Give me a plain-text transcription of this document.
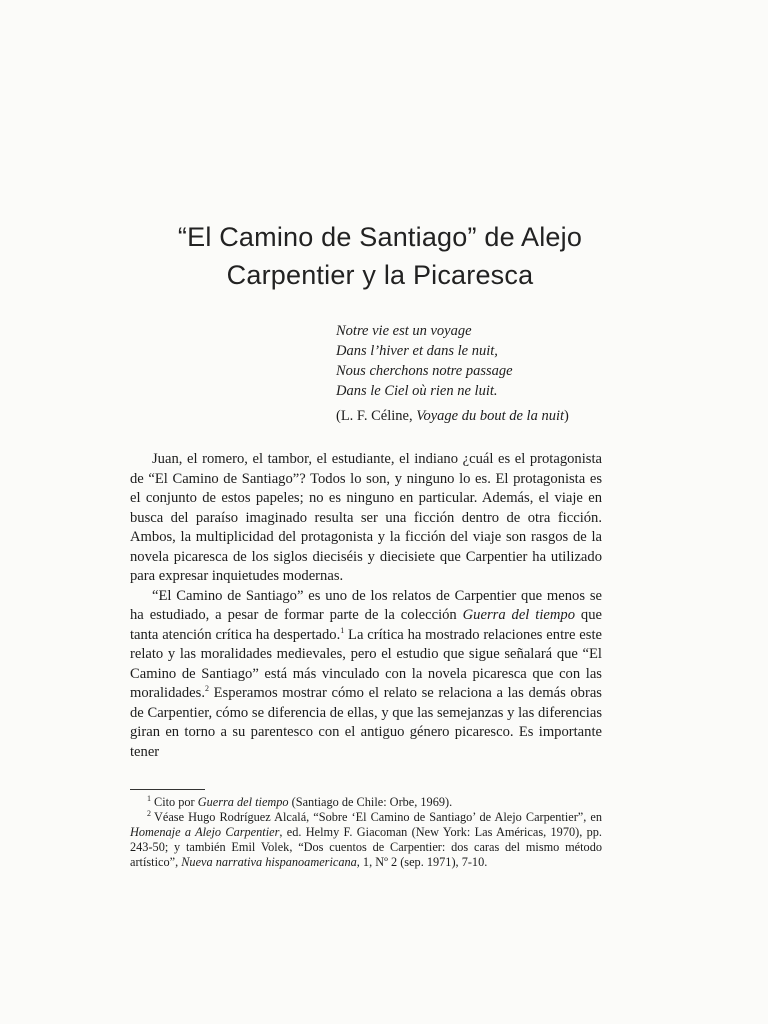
“El Camino de Santiago” de Alejo
Carpentier y la Picaresca
Notre vie est un voyage
Dans l’hiver et dans le nuit,
Nous cherchons notre passage
Dans le Ciel où rien ne luit.
(L. F. Céline, Voyage du bout de la nuit)

Juan, el romero, el tambor, el estudiante, el indiano ¿cuál es el protagonista de “El Camino de Santiago”? Todos lo son, y ninguno lo es. El protagonista es el conjunto de estos papeles; no es ninguno en particular. Además, el viaje en busca del paraíso imaginado resulta ser una ficción dentro de otra ficción. Ambos, la multiplicidad del protagonista y la ficción del viaje son rasgos de la novela picaresca de los siglos dieciséis y diecisiete que Carpentier ha utilizado para expresar inquietudes modernas.

“El Camino de Santiago” es uno de los relatos de Carpentier que menos se ha estudiado, a pesar de formar parte de la colección Guerra del tiempo que tanta atención crítica ha despertado.$^1$ La crítica ha mostrado relaciones entre este relato y las moralidades medievales, pero el estudio que sigue señalará que “El Camino de Santiago” está más vinculado con la novela picaresca que con las moralidades.$^2$ Esperamos mostrar cómo el relato se relaciona a las demás obras de Carpentier, cómo se diferencia de ellas, y que las semejanzas y las diferencias giran en torno a su parentesco con el antiguo género picaresco. Es importante tener

$^1$ Cito por Guerra del tiempo (Santiago de Chile: Orbe, 1969).

$^2$ Véase Hugo Rodríguez Alcalá, “Sobre ‘El Camino de Santiago’ de Alejo Carpentier”, en Homenaje a Alejo Carpentier, ed. Helmy F. Giacoman (New York: Las Américas, 1970), pp. 243-50; y también Emil Volek, “Dos cuentos de Carpentier: dos caras del mismo método artístico”, Nueva narrativa hispanoamericana, 1, Nº 2 (sep. 1971), 7-10.
